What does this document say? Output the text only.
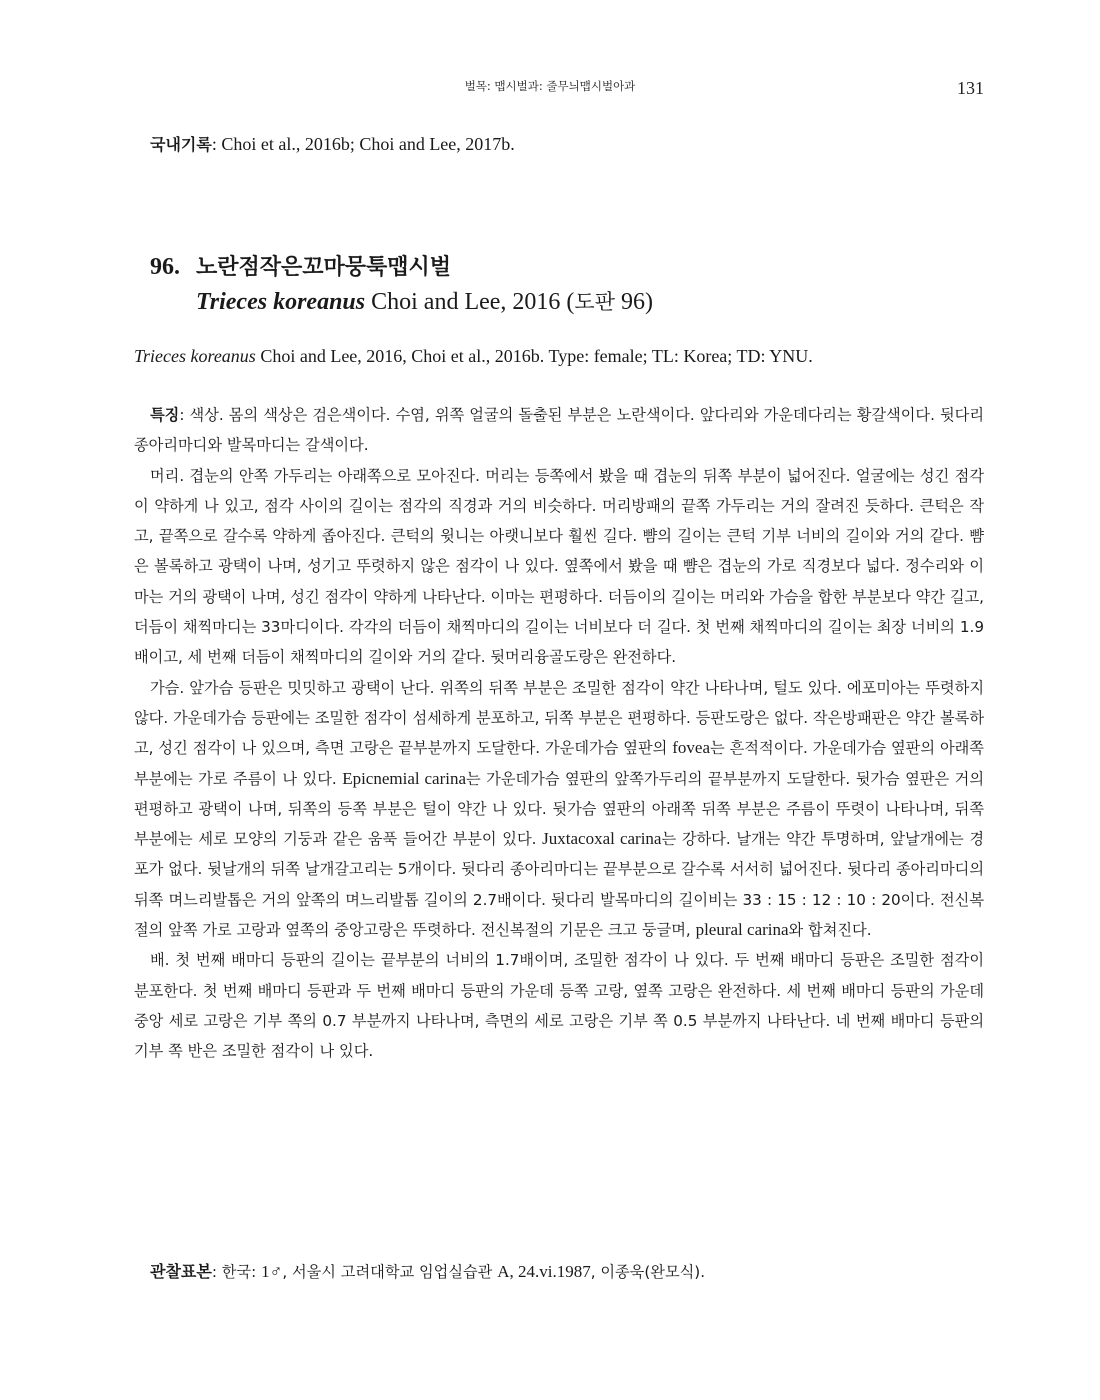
벌목: 맵시벌과: 줄무늬맵시벌아과	131
국내기록: Choi et al., 2016b; Choi and Lee, 2017b.
96. 노란점작은꼬마뭉툭맵시벌
Trieces koreanus Choi and Lee, 2016 (도판 96)
Trieces koreanus Choi and Lee, 2016, Choi et al., 2016b. Type: female; TL: Korea; TD: YNU.

특징: 색상. 몸의 색상은 검은색이다. 수염, 위쪽 얼굴의 돌출된 부분은 노란색이다. 앞다리와 가운데다리는 황갈색이다. 뒷다리 종아리마디와 발목마디는 갈색이다.

머리. 겹눈의 안쪽 가두리는 아래쪽으로 모아진다. 머리는 등쪽에서 봤을 때 겹눈의 뒤쪽 부분이 넓어진다. 얼굴에는 성긴 점각이 약하게 나 있고, 점각 사이의 길이는 점각의 직경과 거의 비슷하다. 머리방패의 끝쪽 가두리는 거의 잘려진 듯하다. 큰턱은 작고, 끝쪽으로 갈수록 약하게 좁아진다. 큰턱의 윗니는 아랫니보다 훨씬 길다. 뺨의 길이는 큰턱 기부 너비의 길이와 거의 같다. 뺨은 볼록하고 광택이 나며, 성기고 뚜렷하지 않은 점각이 나 있다. 옆쪽에서 봤을 때 뺨은 겹눈의 가로 직경보다 넓다. 정수리와 이마는 거의 광택이 나며, 성긴 점각이 약하게 나타난다. 이마는 편평하다. 더듬이의 길이는 머리와 가슴을 합한 부분보다 약간 길고, 더듬이 채찍마디는 33마디이다. 각각의 더듬이 채찍마디의 길이는 너비보다 더 길다. 첫 번째 채찍마디의 길이는 최장 너비의 1.9배이고, 세 번째 더듬이 채찍마디의 길이와 거의 같다. 뒷머리융골도랑은 완전하다.

가슴. 앞가슴 등판은 밋밋하고 광택이 난다. 위쪽의 뒤쪽 부분은 조밀한 점각이 약간 나타나며, 털도 있다. 에포미아는 뚜렷하지 않다. 가운데가슴 등판에는 조밀한 점각이 섬세하게 분포하고, 뒤쪽 부분은 편평하다. 등판도랑은 없다. 작은방패판은 약간 볼록하고, 성긴 점각이 나 있으며, 측면 고랑은 끝부분까지 도달한다. 가운데가슴 옆판의 fovea는 흔적적이다. 가운데가슴 옆판의 아래쪽 부분에는 가로 주름이 나 있다. Epicnemial carina는 가운데가슴 옆판의 앞쪽가두리의 끝부분까지 도달한다. 뒷가슴 옆판은 거의 편평하고 광택이 나며, 뒤쪽의 등쪽 부분은 털이 약간 나 있다. 뒷가슴 옆판의 아래쪽 뒤쪽 부분은 주름이 뚜렷이 나타나며, 뒤쪽 부분에는 세로 모양의 기둥과 같은 움푹 들어간 부분이 있다. Juxtacoxal carina는 강하다. 날개는 약간 투명하며, 앞날개에는 경포가 없다. 뒷날개의 뒤쪽 날개갈고리는 5개이다. 뒷다리 종아리마디는 끝부분으로 갈수록 서서히 넓어진다. 뒷다리 종아리마디의 뒤쪽 며느리발톱은 거의 앞쪽의 며느리발톱 길이의 2.7배이다. 뒷다리 발목마디의 길이비는 33 : 15 : 12 : 10 : 20이다. 전신복절의 앞쪽 가로 고랑과 옆쪽의 중앙고랑은 뚜렷하다. 전신복절의 기문은 크고 둥글며, pleural carina와 합쳐진다.

배. 첫 번째 배마디 등판의 길이는 끝부분의 너비의 1.7배이며, 조밀한 점각이 나 있다. 두 번째 배마디 등판은 조밀한 점각이 분포한다. 첫 번째 배마디 등판과 두 번째 배마디 등판의 가운데 등쪽 고랑, 옆쪽 고랑은 완전하다. 세 번째 배마디 등판의 가운데 중앙 세로 고랑은 기부 쪽의 0.7 부분까지 나타나며, 측면의 세로 고랑은 기부 쪽 0.5 부분까지 나타난다. 네 번째 배마디 등판의 기부 쪽 반은 조밀한 점각이 나 있다.

관찰표본: 한국: 1♂, 서울시 고려대학교 임업실습관 A, 24.vi.1987, 이종욱(완모식).
